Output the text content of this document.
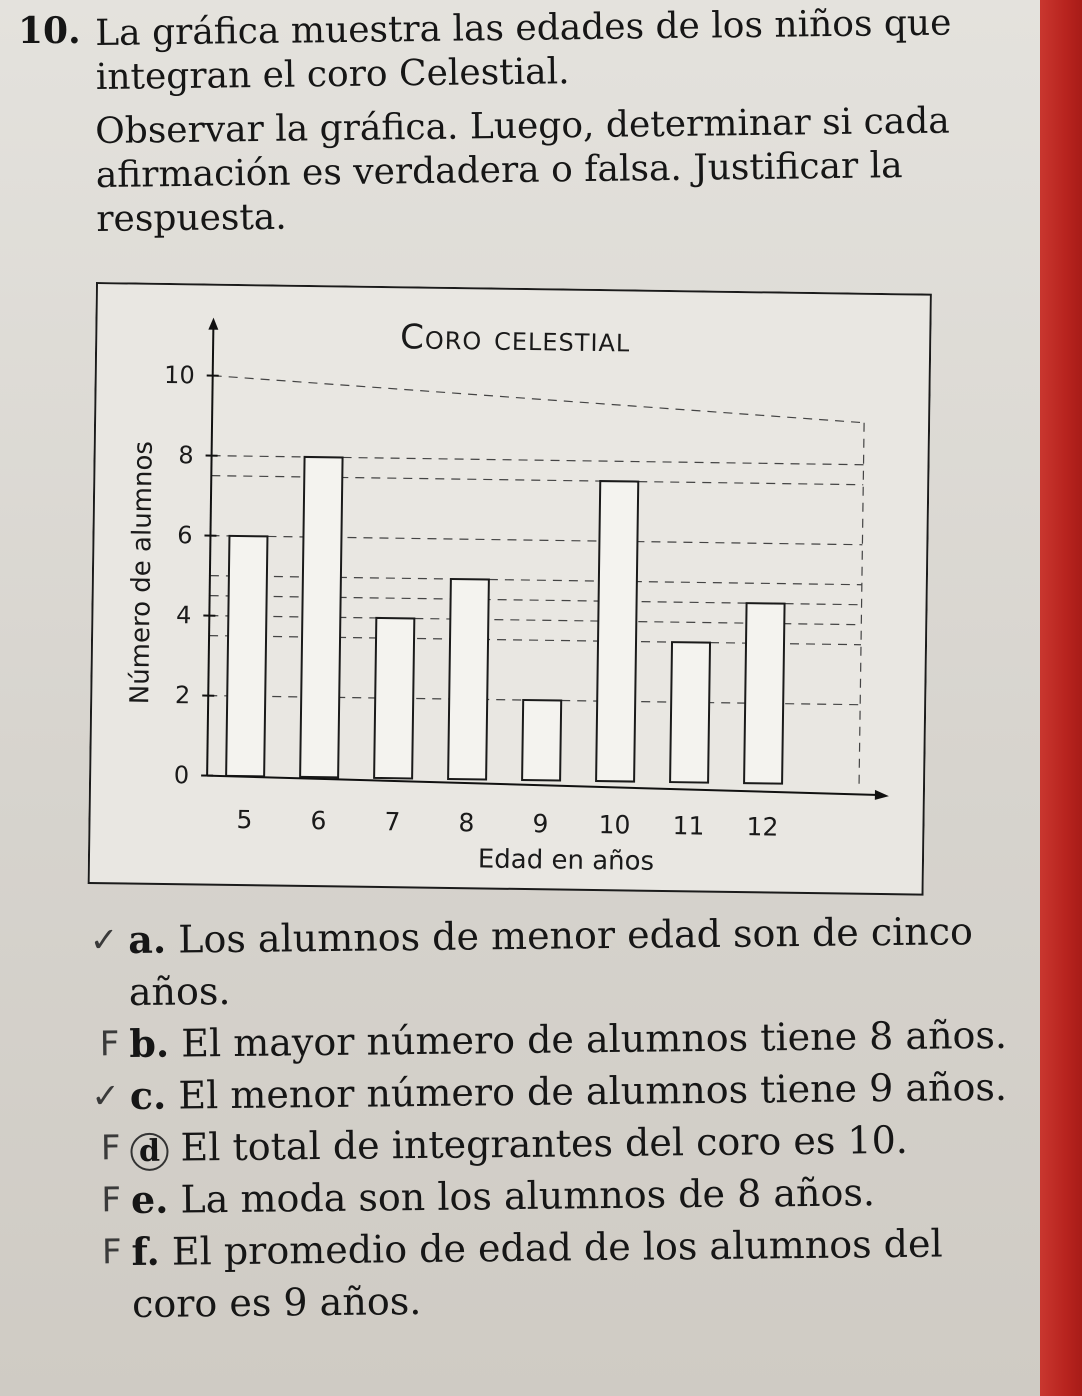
10. La gráfica muestra las edades de los niños que integran el coro Celestial.

Observar la gráfica. Luego, determinar si cada afirmación es verdadera o falsa. Justificar la respuesta.

Coro celestial
Edad en años
Número de alumnos
5 6 7 8 9 10 11 12
0
2
4
6
8
10
✓ a. Los alumnos de menor edad son de cinco
años.
F b. El mayor número de alumnos tiene 8 años.
✓ c. El menor número de alumnos tiene 9 años.
F d El total de integrantes del coro es 10.
F e. La moda son los alumnos de 8 años.
F f. El promedio de edad de los alumnos del
coro es 9 años.
